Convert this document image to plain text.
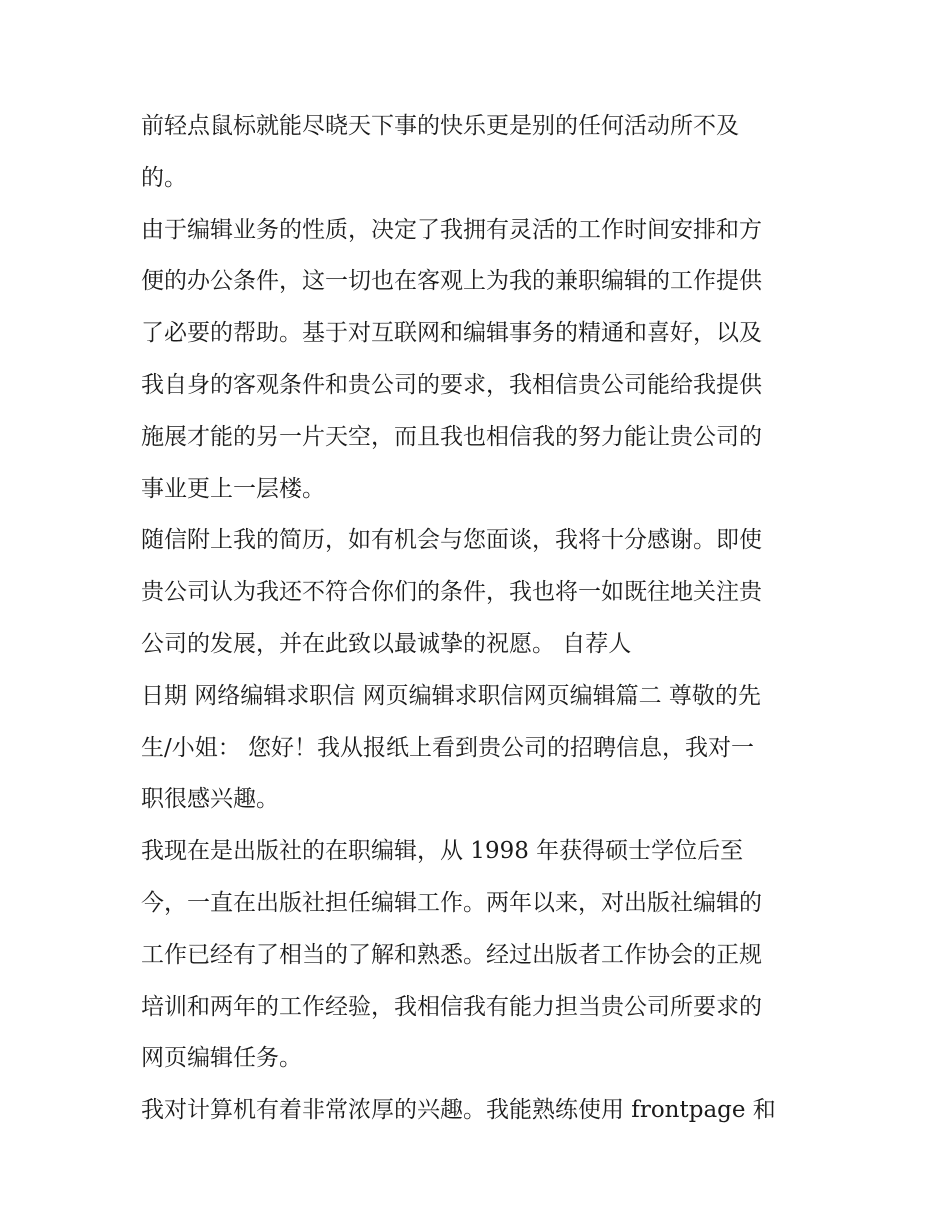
前轻点鼠标就能尽晓天下事的快乐更是别的任何活动所不及
的。
由于编辑业务的性质，决定了我拥有灵活的工作时间安排和方
便的办公条件，这一切也在客观上为我的兼职编辑的工作提供
了必要的帮助。基于对互联网和编辑事务的精通和喜好，以及
我自身的客观条件和贵公司的要求，我相信贵公司能给我提供
施展才能的另一片天空，而且我也相信我的努力能让贵公司的
事业更上一层楼。
随信附上我的简历，如有机会与您面谈，我将十分感谢。即使
贵公司认为我还不符合你们的条件，我也将一如既往地关注贵
公司的发展，并在此致以最诚挚的祝愿。 自荐人
日期 网络编辑求职信 网页编辑求职信网页编辑篇二 尊敬的先
生/小姐： 您好！我从报纸上看到贵公司的招聘信息，我对一
职很感兴趣。
我现在是出版社的在职编辑，从 1998 年获得硕士学位后至
今，一直在出版社担任编辑工作。两年以来，对出版社编辑的
工作已经有了相当的了解和熟悉。经过出版者工作协会的正规
培训和两年的工作经验，我相信我有能力担当贵公司所要求的
网页编辑任务。
我对计算机有着非常浓厚的兴趣。我能熟练使用 frontpage 和
